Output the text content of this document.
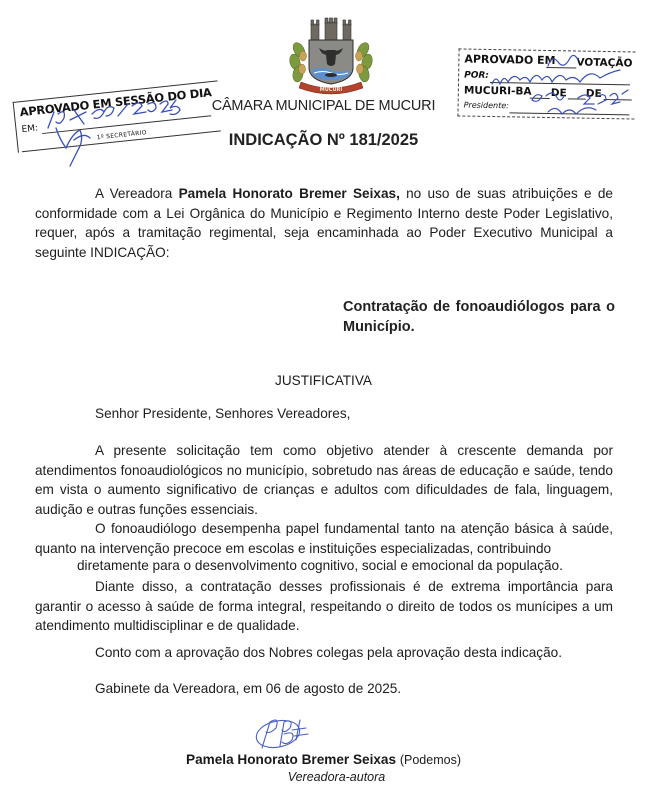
MUCURI
CÂMARA MUNICIPAL DE MUCURI
INDICAÇÃO Nº 181/2025
APROVADO EM SESSÃO DO DIA
EM:	1º SECRETÁRIO
APROVADO EM VOTAÇÃO
POR:
MUCURI-BA DE DE
Presidente:
A Vereadora Pamela Honorato Bremer Seixas, no uso de suas atribuições e de conformidade com a Lei Orgânica do Município e Regimento Interno deste Poder Legislativo, requer, após a tramitação regimental, seja encaminhada ao Poder Executivo Municipal a seguinte INDICAÇÃO:
Contratação de fonoaudiólogos para o Município.
JUSTIFICATIVA
Senhor Presidente, Senhores Vereadores,
A presente solicitação tem como objetivo atender à crescente demanda por atendimentos fonoaudiológicos no município, sobretudo nas áreas de educação e saúde, tendo em vista o aumento significativo de crianças e adultos com dificuldades de fala, linguagem, audição e outras funções essenciais.
O fonoaudiólogo desempenha papel fundamental tanto na atenção básica à saúde, quanto na intervenção precoce em escolas e instituições especializadas, contribuindo
diretamente para o desenvolvimento cognitivo, social e emocional da população.
Diante disso, a contratação desses profissionais é de extrema importância para garantir o acesso à saúde de forma integral, respeitando o direito de todos os munícipes a um atendimento multidisciplinar e de qualidade.
Conto com a aprovação dos Nobres colegas pela aprovação desta indicação.
Gabinete da Vereadora, em 06 de agosto de 2025.
Pamela Honorato Bremer Seixas (Podemos)
Vereadora-autora
